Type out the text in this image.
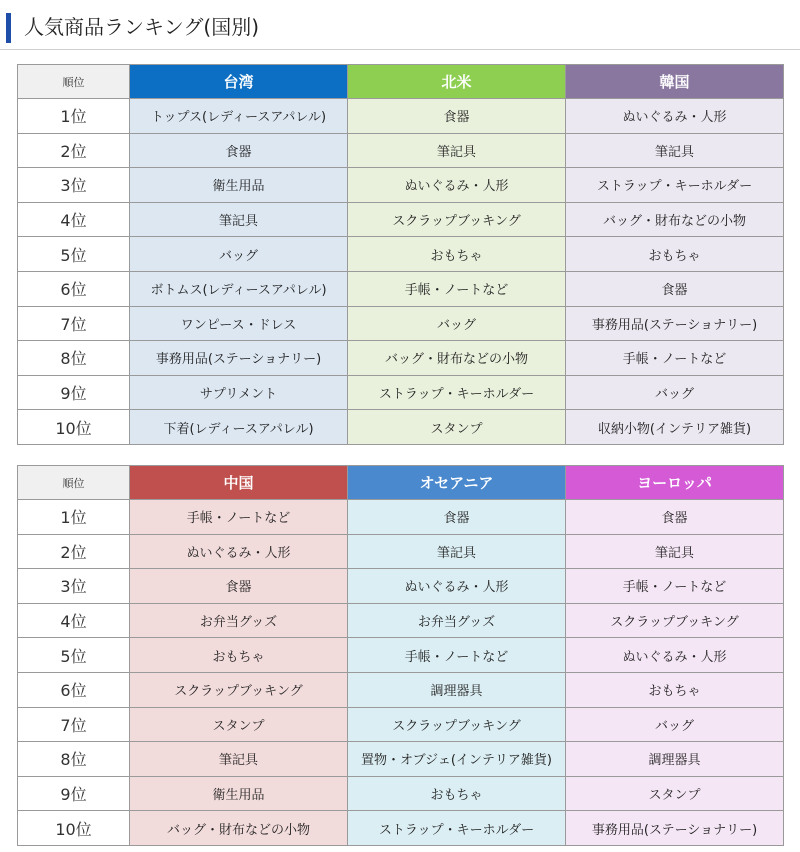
人気商品ランキング(国別)
順位	台湾	北米	韓国
1位	トップス(レディースアパレル)	食器	ぬいぐるみ・人形
2位	食器	筆記具	筆記具
3位	衛生用品	ぬいぐるみ・人形	ストラップ・キーホルダー
4位	筆記具	スクラップブッキング	バッグ・財布などの小物
5位	バッグ	おもちゃ	おもちゃ
6位	ボトムス(レディースアパレル)	手帳・ノートなど	食器
7位	ワンピース・ドレス	バッグ	事務用品(ステーショナリー)
8位	事務用品(ステーショナリー)	バッグ・財布などの小物	手帳・ノートなど
9位	サプリメント	ストラップ・キーホルダー	バッグ
10位	下着(レディースアパレル)	スタンプ	収納小物(インテリア雑貨)
順位	中国	オセアニア	ヨーロッパ
1位	手帳・ノートなど	食器	食器
2位	ぬいぐるみ・人形	筆記具	筆記具
3位	食器	ぬいぐるみ・人形	手帳・ノートなど
4位	お弁当グッズ	お弁当グッズ	スクラップブッキング
5位	おもちゃ	手帳・ノートなど	ぬいぐるみ・人形
6位	スクラップブッキング	調理器具	おもちゃ
7位	スタンプ	スクラップブッキング	バッグ
8位	筆記具	置物・オブジェ(インテリア雑貨)	調理器具
9位	衛生用品	おもちゃ	スタンプ
10位	バッグ・財布などの小物	ストラップ・キーホルダー	事務用品(ステーショナリー)
